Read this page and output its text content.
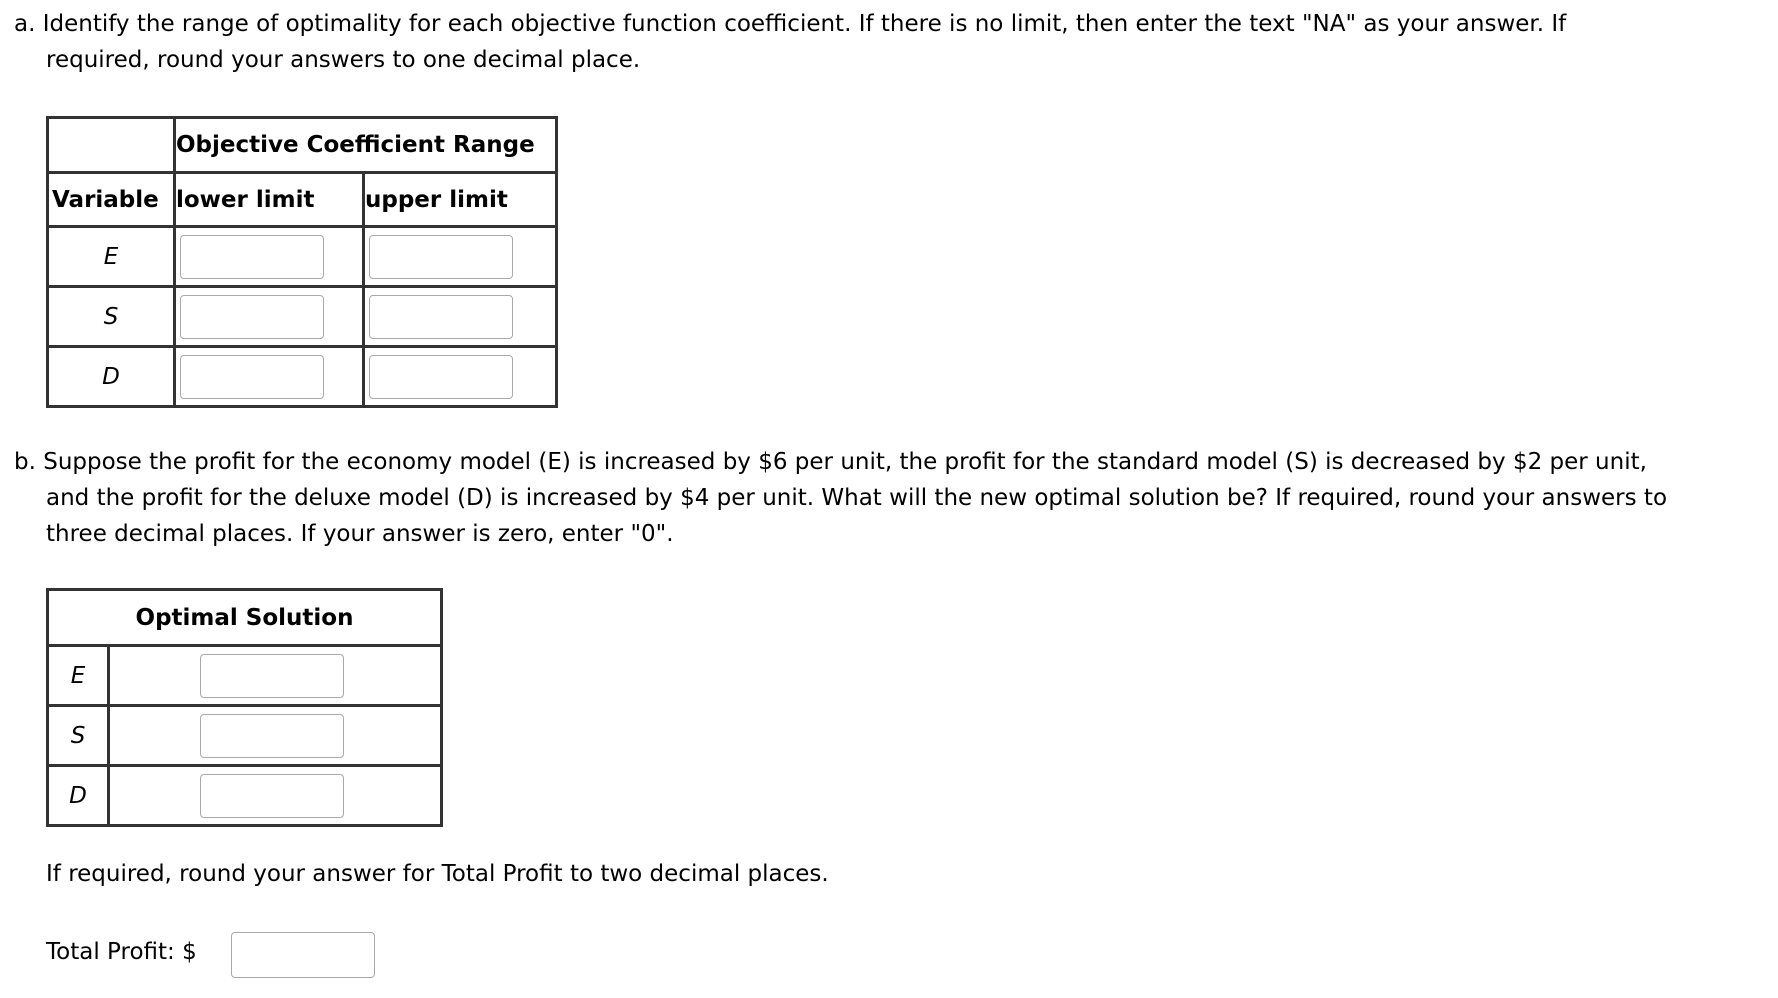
a. Identify the range of optimality for each objective function coefficient. If there is no limit, then enter the text "NA" as your answer. If
required, round your answers to one decimal place.

	Objective Coefficient Range	
Variable	lower limit	upper limit
E	

S	

D	

b. Suppose the profit for the economy model (E) is increased by $6 per unit, the profit for the standard model (S) is decreased by $2 per unit,
and the profit for the deluxe model (D) is increased by $4 per unit. What will the new optimal solution be? If required, round your answers to
three decimal places. If your answer is zero, enter "0".

Optimal Solution	
E	

S	

D	

If required, round your answer for Total Profit to two decimal places.

Total Profit: $
